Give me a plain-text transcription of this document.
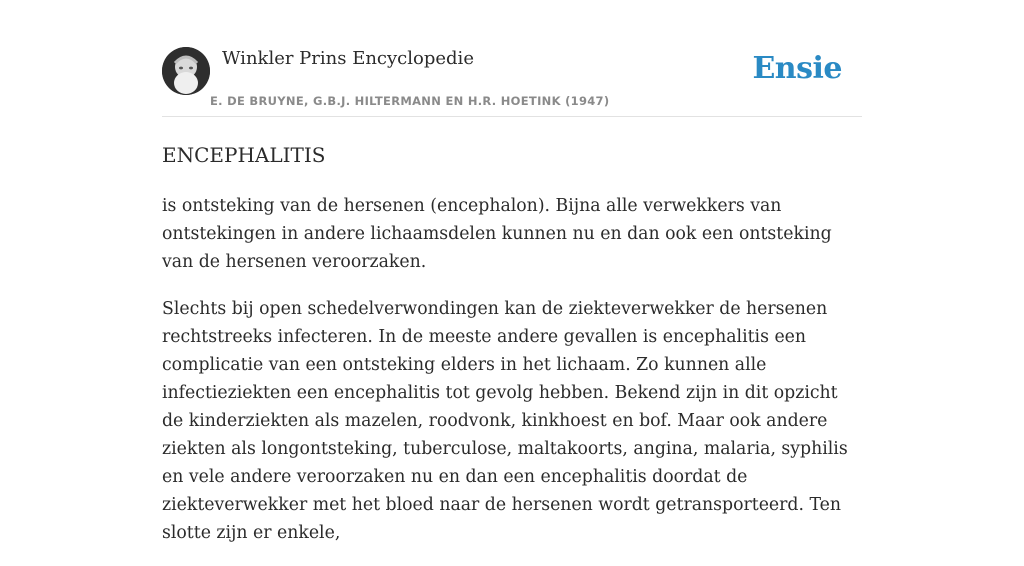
Winkler Prins Encyclopedie
E. DE BRUYNE, G.B.J. HILTERMANN EN H.R. HOETINK (1947)
Ensie
ENCEPHALITIS

is ontsteking van de hersenen (encephalon). Bijna alle verwekkers van ontstekingen in andere lichaamsdelen kunnen nu en dan ook een ontsteking van de hersenen veroorzaken.

Slechts bij open schedelverwondingen kan de ziekteverwekker de hersenen rechtstreeks infecteren. In de meeste andere gevallen is encephalitis een complicatie van een ontsteking elders in het lichaam. Zo kunnen alle infectieziekten een encephalitis tot gevolg hebben. Bekend zijn in dit opzicht de kinderziekten als mazelen, roodvonk, kinkhoest en bof. Maar ook andere ziekten als longontsteking, tuberculose, maltakoorts, angina, malaria, syphilis en vele andere veroorzaken nu en dan een encephalitis doordat de ziekteverwekker met het bloed naar de hersenen wordt getransporteerd. Ten slotte zijn er enkele,
